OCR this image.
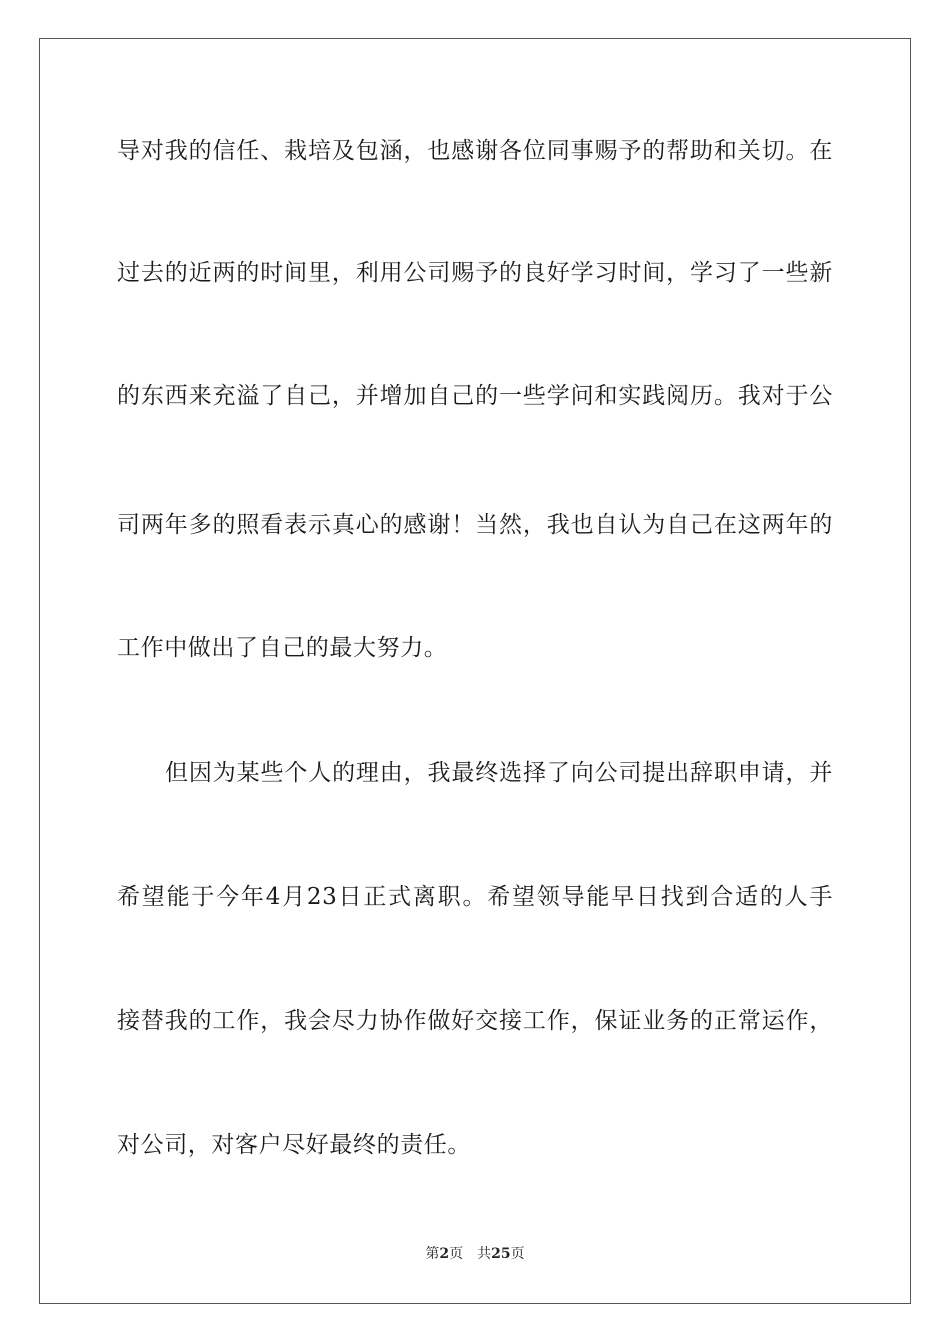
导对我的信任、栽培及包涵，也感谢各位同事赐予的帮助和关切。在
过去的近两的时间里，利用公司赐予的良好学习时间，学习了一些新
的东西来充溢了自己，并增加自己的一些学问和实践阅历。我对于公
司两年多的照看表示真心的感谢！当然，我也自认为自己在这两年的
工作中做出了自己的最大努力。
但因为某些个人的理由，我最终选择了向公司提出辞职申请，并
希望能于今年4月23日正式离职。希望领导能早日找到合适的人手
接替我的工作，我会尽力协作做好交接工作，保证业务的正常运作，
对公司，对客户尽好最终的责任。
第2页 共25页
